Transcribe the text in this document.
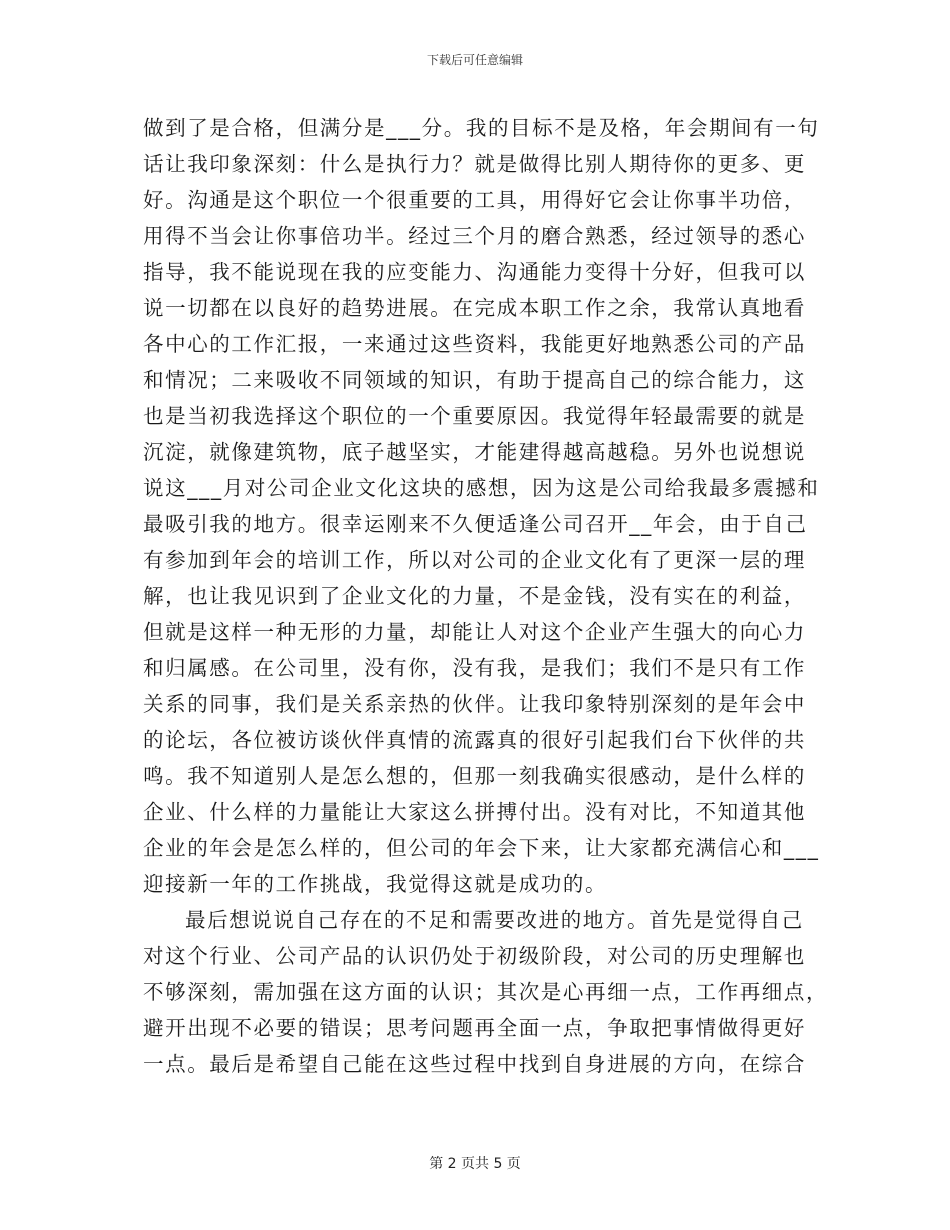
下载后可任意编辑
做到了是合格，但满分是___分。我的目标不是及格，年会期间有一句
话让我印象深刻：什么是执行力？就是做得比别人期待你的更多、更
好。沟通是这个职位一个很重要的工具，用得好它会让你事半功倍，
用得不当会让你事倍功半。经过三个月的磨合熟悉，经过领导的悉心
指导，我不能说现在我的应变能力、沟通能力变得十分好，但我可以
说一切都在以良好的趋势进展。在完成本职工作之余，我常认真地看
各中心的工作汇报，一来通过这些资料，我能更好地熟悉公司的产品
和情况；二来吸收不同领域的知识，有助于提高自己的综合能力，这
也是当初我选择这个职位的一个重要原因。我觉得年轻最需要的就是
沉淀，就像建筑物，底子越坚实，才能建得越高越稳。另外也说想说
说这___月对公司企业文化这块的感想，因为这是公司给我最多震撼和
最吸引我的地方。很幸运刚来不久便适逢公司召开__年会，由于自己
有参加到年会的培训工作，所以对公司的企业文化有了更深一层的理
解，也让我见识到了企业文化的力量，不是金钱，没有实在的利益，
但就是这样一种无形的力量，却能让人对这个企业产生强大的向心力
和归属感。在公司里，没有你，没有我，是我们；我们不是只有工作
关系的同事，我们是关系亲热的伙伴。让我印象特别深刻的是年会中
的论坛，各位被访谈伙伴真情的流露真的很好引起我们台下伙伴的共
鸣。我不知道别人是怎么想的，但那一刻我确实很感动，是什么样的
企业、什么样的力量能让大家这么拼搏付出。没有对比，不知道其他
企业的年会是怎么样的，但公司的年会下来，让大家都充满信心和___
迎接新一年的工作挑战，我觉得这就是成功的。
最后想说说自己存在的不足和需要改进的地方。首先是觉得自己
对这个行业、公司产品的认识仍处于初级阶段，对公司的历史理解也
不够深刻，需加强在这方面的认识；其次是心再细一点，工作再细点，
避开出现不必要的错误；思考问题再全面一点，争取把事情做得更好
一点。最后是希望自己能在这些过程中找到自身进展的方向，在综合
第 2 页共 5 页
